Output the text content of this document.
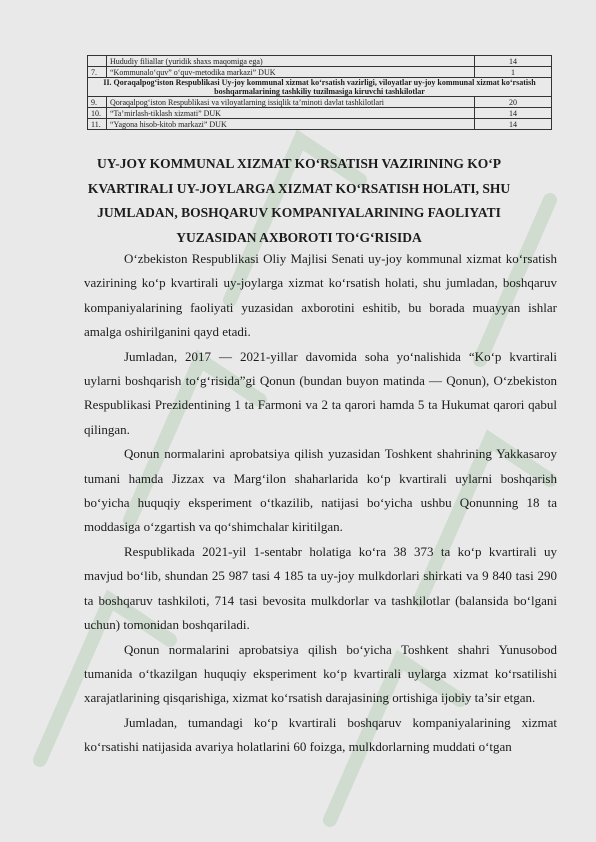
	Hududiy filiallar (yuridik shaxs maqomiga ega)	14
7.	“Kommunalo‘quv” o‘quv-metodika markazi” DUK	1
II. Qoraqalpog‘iston Respublikasi Uy-joy kommunal xizmat ko‘rsatish vazirligi, viloyatlar uy-joy kommunal xizmat ko‘rsatish boshqarmalarining tashkiliy tuzilmasiga kiruvchi tashkilotlar		
9.	Qoraqalpog‘iston Respublikasi va viloyatlarning issiqlik ta’minoti davlat tashkilotlari	20
10.	“Ta’mirlash-tiklash xizmati” DUK	14
11.	“Yagona hisob-kitob markazi” DUK	14
UY-JOY KOMMUNAL XIZMAT KO‘RSATISH VAZIRINING KO‘P KVARTIRALI UY-JOYLARGA XIZMAT KO‘RSATISH HOLATI, SHU JUMLADAN, BOSHQARUV KOMPANIYALARINING FAOLIYATI YUZASIDAN AXBOROTI TO‘G‘RISIDA

O‘zbekiston Respublikasi Oliy Majlisi Senati uy-joy kommunal xizmat ko‘rsatish vazirining ko‘p kvartirali uy-joylarga xizmat ko‘rsatish holati, shu jumladan, boshqaruv kompaniyalarining faoliyati yuzasidan axborotini eshitib, bu borada muayyan ishlar amalga oshirilganini qayd etadi.

Jumladan, 2017 — 2021-yillar davomida soha yo‘nalishida “Ko‘p kvartirali uylarni boshqarish to‘g‘risida”gi Qonun (bundan buyon matinda — Qonun), O‘zbekiston Respublikasi Prezidentining 1 ta Farmoni va 2 ta qarori hamda 5 ta Hukumat qarori qabul qilingan.

Qonun normalarini aprobatsiya qilish yuzasidan Toshkent shahrining Yakkasaroy tumani hamda Jizzax va Marg‘ilon shaharlarida ko‘p kvartirali uylarni boshqarish bo‘yicha huquqiy eksperiment o‘tkazilib, natijasi bo‘yicha ushbu Qonunning 18 ta moddasiga o‘zgartish va qo‘shimchalar kiritilgan.

Respublikada 2021-yil 1-sentabr holatiga ko‘ra 38 373 ta ko‘p kvartirali uy mavjud bo‘lib, shundan 25 987 tasi 4 185 ta uy-joy mulkdorlari shirkati va 9 840 tasi 290 ta boshqaruv tashkiloti, 714 tasi bevosita mulkdorlar va tashkilotlar (balansida bo‘lgani uchun) tomonidan boshqariladi.

Qonun normalarini aprobatsiya qilish bo‘yicha Toshkent shahri Yunusobod tumanida o‘tkazilgan huquqiy eksperiment ko‘p kvartirali uylarga xizmat ko‘rsatilishi xarajatlarining qisqarishiga, xizmat ko‘rsatish darajasining ortishiga ijobiy ta’sir etgan.

Jumladan, tumandagi ko‘p kvartirali boshqaruv kompaniyalarining xizmat ko‘rsatishi natijasida avariya holatlarini 60 foizga, mulkdorlarning muddati o‘tgan
